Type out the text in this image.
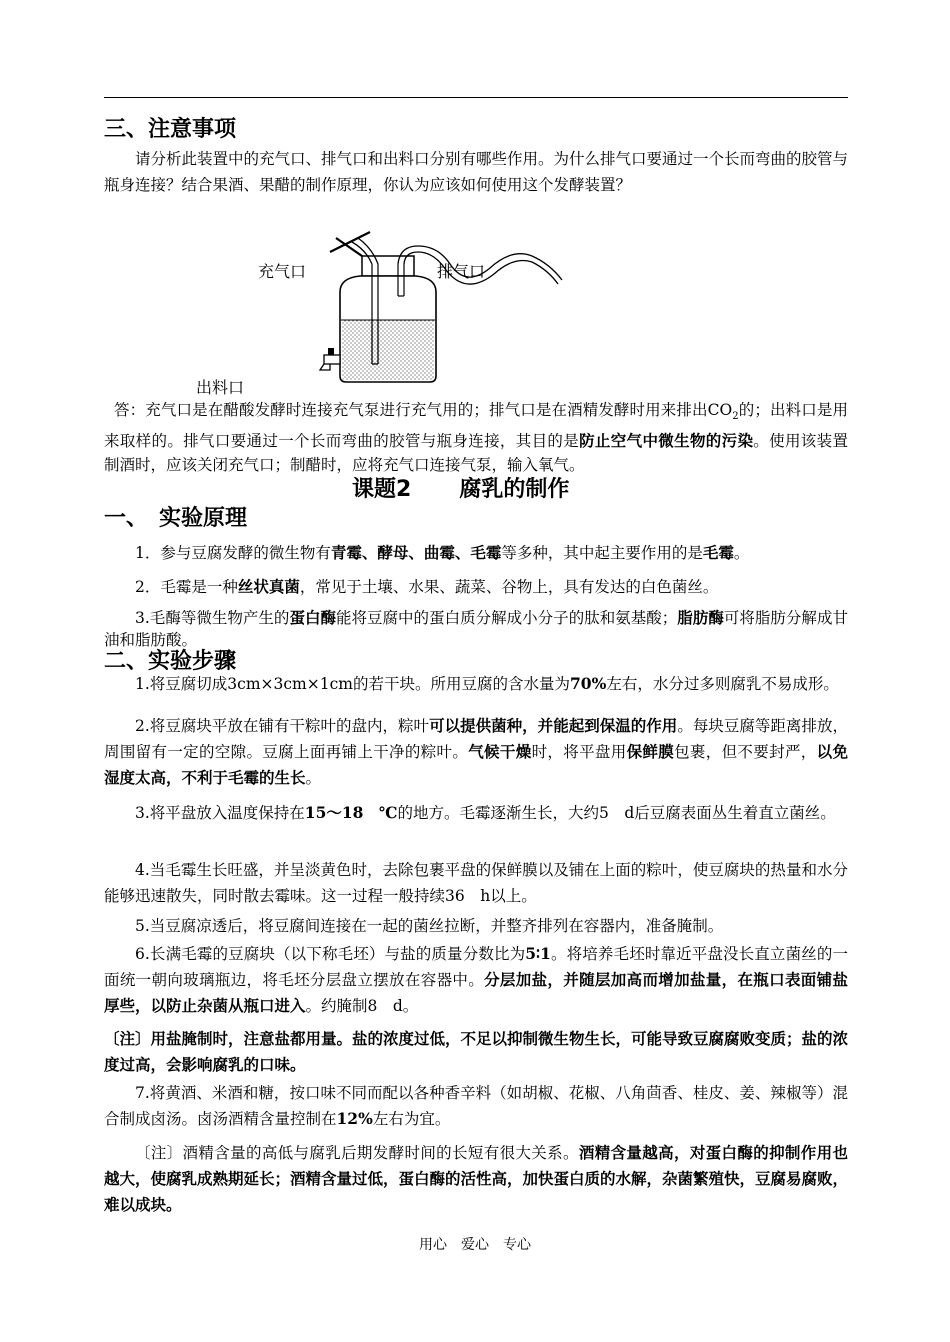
三、注意事项
请分析此装置中的充气口、排气口和出料口分别有哪些作用。为什么排气口要通过一个长而弯曲的胶管与瓶身连接？结合果酒、果醋的制作原理，你认为应该如何使用这个发酵装置？
充气口	排气口
出料口
答：充气口是在醋酸发酵时连接充气泵进行充气用的；排气口是在酒精发酵时用来排出$CO_2$的；出料口是用来取样的。排气口要通过一个长而弯曲的胶管与瓶身连接，其目的是防止空气中微生物的污染。使用该装置制酒时，应该关闭充气口；制醋时，应将充气口连接气泵，输入氧气。
课题2 腐乳的制作
一、　实验原理
1．参与豆腐发酵的微生物有青霉、酵母、曲霉、毛霉等多种，其中起主要作用的是毛霉。
2．毛霉是一种丝状真菌，常见于土壤、水果、蔬菜、谷物上，具有发达的白色菌丝。
3.毛酶等微生物产生的蛋白酶能将豆腐中的蛋白质分解成小分子的肽和氨基酸；脂肪酶可将脂肪分解成甘油和脂肪酸。
二、实验步骤
1.将豆腐切成3cm×3cm×1cm的若干块。所用豆腐的含水量为70%左右，水分过多则腐乳不易成形。
2.将豆腐块平放在铺有干粽叶的盘内，粽叶可以提供菌种，并能起到保温的作用。每块豆腐等距离排放，周围留有一定的空隙。豆腐上面再铺上干净的粽叶。气候干燥时，将平盘用保鲜膜包裹，但不要封严，以免湿度太高，不利于毛霉的生长。
3.将平盘放入温度保持在15～18　℃的地方。毛霉逐渐生长，大约5　d后豆腐表面丛生着直立菌丝。
4.当毛霉生长旺盛，并呈淡黄色时，去除包裹平盘的保鲜膜以及铺在上面的粽叶，使豆腐块的热量和水分能够迅速散失，同时散去霉味。这一过程一般持续36　h以上。
5.当豆腐凉透后，将豆腐间连接在一起的菌丝拉断，并整齐排列在容器内，准备腌制。
6.长满毛霉的豆腐块（以下称毛坯）与盐的质量分数比为5∶1。将培养毛坯时靠近平盘没长直立菌丝的一面统一朝向玻璃瓶边，将毛坯分层盘立摆放在容器中。分层加盐，并随层加高而增加盐量，在瓶口表面铺盐厚些，以防止杂菌从瓶口进入。约腌制8　d。
〔注〕用盐腌制时，注意盐都用量。盐的浓度过低，不足以抑制微生物生长，可能导致豆腐腐败变质；盐的浓度过高，会影响腐乳的口味。
7.将黄酒、米酒和糖，按口味不同而配以各种香辛料（如胡椒、花椒、八角茴香、桂皮、姜、辣椒等）混合制成卤汤。卤汤酒精含量控制在12%左右为宜。
〔注〕酒精含量的高低与腐乳后期发酵时间的长短有很大关系。酒精含量越高，对蛋白酶的抑制作用也越大，使腐乳成熟期延长；酒精含量过低，蛋白酶的活性高，加快蛋白质的水解，杂菌繁殖快，豆腐易腐败，难以成块。
用心　爱心　专心
